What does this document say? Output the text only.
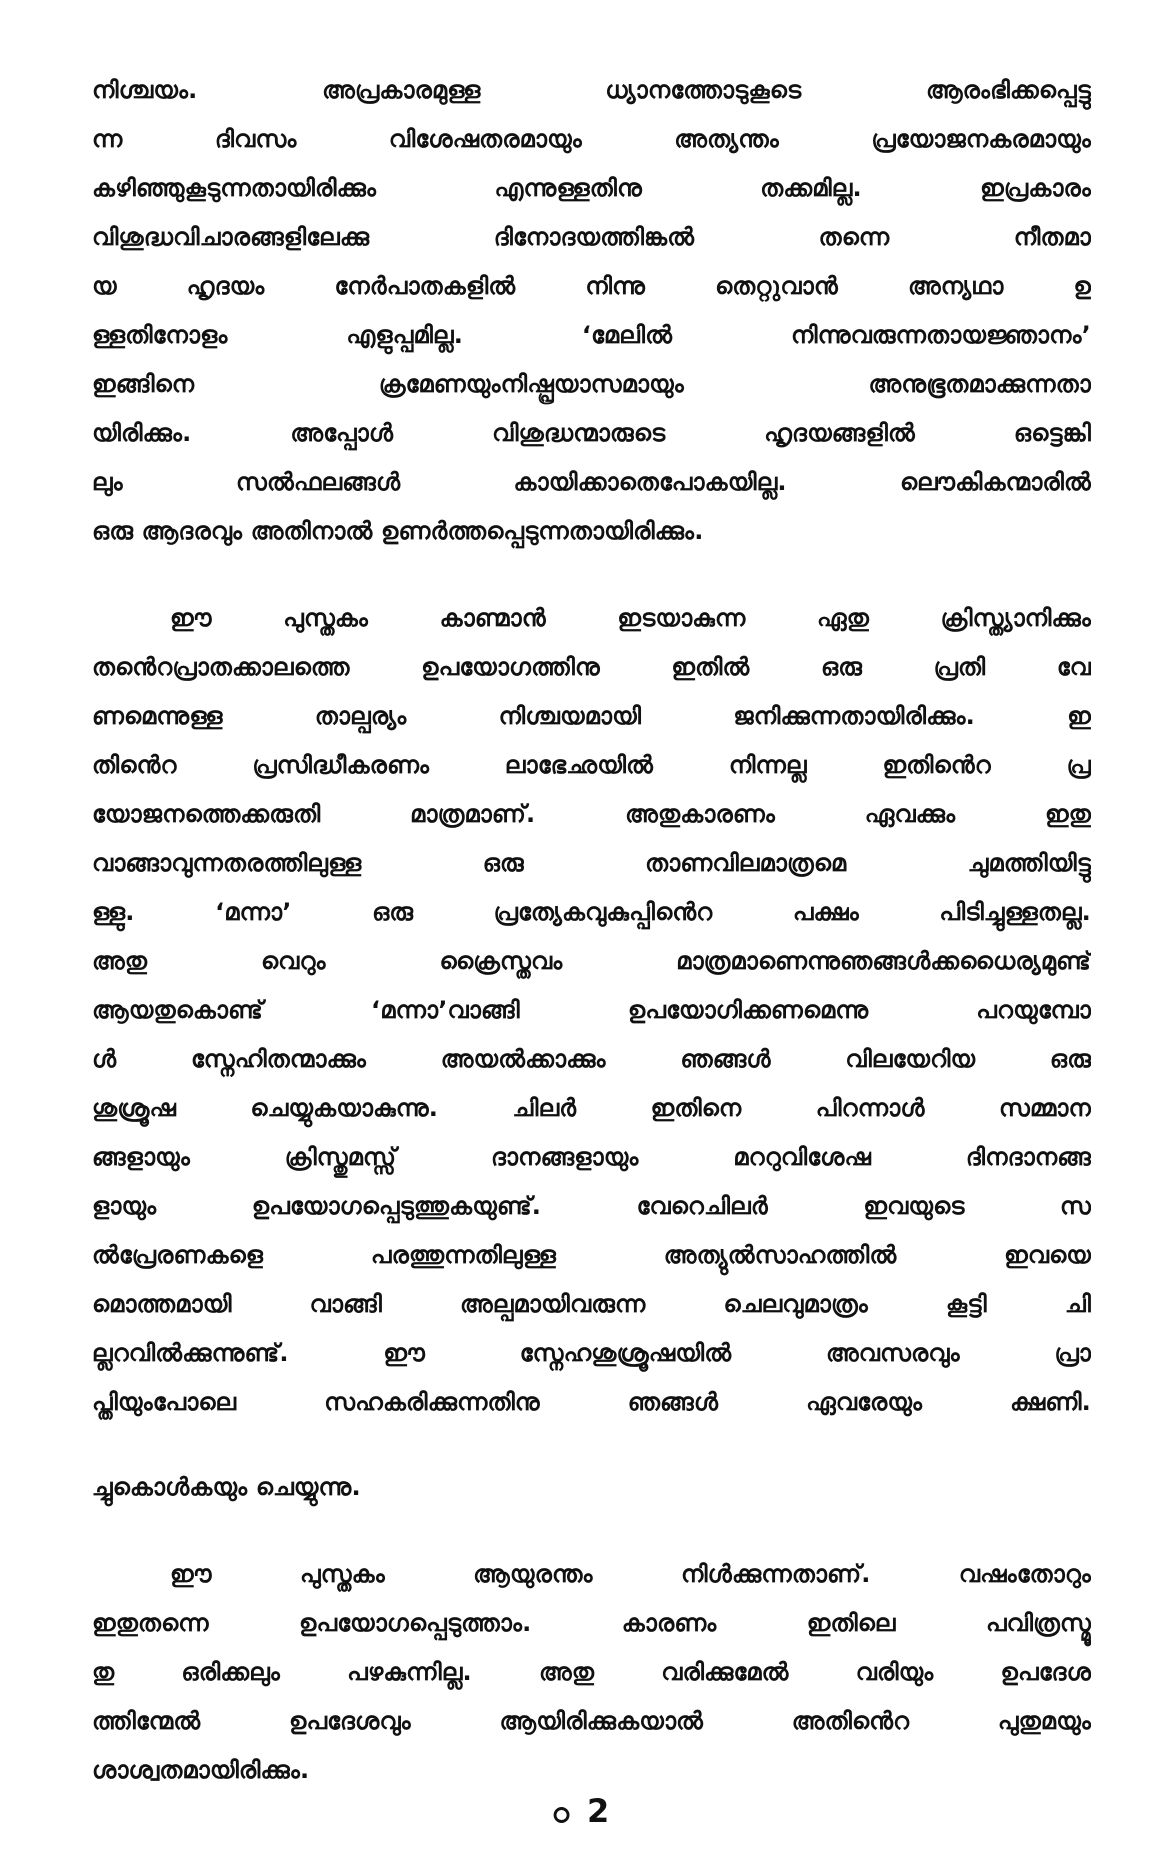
നിശ്ചയം. അപ്രകാരമുള്ള ധ്യാനത്തോടുകൂടെ ആരംഭിക്കപ്പെട്ടു
ന്ന ദിവസം വിശേഷതരമായും അത്യന്തം പ്രയോജനകരമായും
കഴിഞ്ഞുകൂടുന്നതായിരിക്കും എന്നുള്ളതിനു തക്കമില്ല. ഇപ്രകാരം
വിശുദ്ധവിചാരങ്ങളിലേക്കു ദിനോദയത്തിങ്കൽ തന്നെ നീതമാ
യ ഹൃദയം നേർപാതകളിൽ നിന്നു തെറ്റുവാൻ അന്യഥാ ഉ
ള്ളതിനോളം എളുപ്പമില്ല. ‘മേലിൽ നിന്നുവരുന്നതായജ്ഞാനം’
ഇങ്ങിനെ ക്രമേണയുംനിഷ്പ്രയാസമായും അനുഭൂതമാക്കുന്നതാ
യിരിക്കും. അപ്പോൾ വിശുദ്ധന്മാരുടെ ഹൃദയങ്ങളിൽ ഒട്ടെങ്കി
ലും സൽഫലങ്ങൾ കായിക്കാതെപോകയില്ല. ലൌകികന്മാരിൽ
ഒരു ആദരവും അതിനാൽ ഉണർത്തപ്പെടുന്നതായിരിക്കും.
ഈ പുസ്തകം കാണ്മാൻ ഇടയാകുന്ന ഏതു ക്രിസ്ത്യാനിക്കും
തൻെറപ്രാതക്കാലത്തെ ഉപയോഗത്തിനു ഇതിൽ ഒരു പ്രതി വേ
ണമെന്നുള്ള താല്പര്യം നിശ്ചയമായി ജനിക്കുന്നതായിരിക്കും. ഇ
തിൻെറ പ്രസിദ്ധീകരണം ലാഭേഛയിൽ നിന്നല്ല ഇതിൻെറ പ്ര
യോജനത്തെക്കരുതി മാത്രമാണ്. അതുകാരണം ഏവക്കും ഇതു
വാങ്ങാവുന്നതരത്തിലുള്ള ഒരു താണവിലമാത്രമെ ചുമത്തിയിട്ടു
ള്ളു. ‘മന്നാ’ ഒരു പ്രത്യേകവുകുപ്പിൻെറ പക്ഷം പിടിച്ചുള്ളതല്ല.
അതു വെറും ക്രൈസ്തവം മാത്രമാണെന്നുഞങ്ങൾക്കധൈര്യമുണ്ട്
ആയതുകൊണ്ട് ‘മന്നാ’വാങ്ങി ഉപയോഗിക്കണമെന്നു പറയുമ്പോ
ൾ സ്നേഹിതന്മാക്കും അയൽക്കാക്കും ഞങ്ങൾ വിലയേറിയ ഒരു
ശുശ്രൂഷ ചെയ്യുകയാകുന്നു. ചിലർ ഇതിനെ പിറന്നാൾ സമ്മാന
ങ്ങളായും ക്രിസ്തുമസ്സ് ദാനങ്ങളായും മററുവിശേഷ ദിനദാനങ്ങ
ളായും ഉപയോഗപ്പെടുത്തുകയുണ്ട്. വേറെചിലർ ഇവയുടെ സ
ൽപ്രേരണകളെ പരത്തുന്നതിലുള്ള അത്യുൽസാഹത്തിൽ ഇവയെ
മൊത്തമായി വാങ്ങി അല്പമായിവരുന്ന ചെലവുമാത്രം കൂട്ടി ചി
ല്ലറവിൽക്കുന്നുണ്ട്. ഈ സ്നേഹശുശ്രൂഷയിൽ അവസരവും പ്രാ
പ്തിയുംപോലെ സഹകരിക്കുന്നതിനു ഞങ്ങൾ ഏവരേയും ക്ഷണി.
ച്ചുകൊൾകയും ചെയ്യുന്നു.
ഈ പുസ്തകം ആയുരന്തം നിൾക്കുന്നതാണ്. വഷംതോറും
ഇതുതന്നെ ഉപയോഗപ്പെടുത്താം. കാരണം ഇതിലെ പവിത്രസ്മൂ
തു ഒരിക്കലും പഴകുന്നില്ല. അതു വരിക്കുമേൽ വരിയും ഉപദേശ
ത്തിന്മേൽ ഉപദേശവും ആയിരിക്കുകയാൽ അതിൻെറ പുതുമയും
ശാശ്വതമായിരിക്കും.
ഠ 2
